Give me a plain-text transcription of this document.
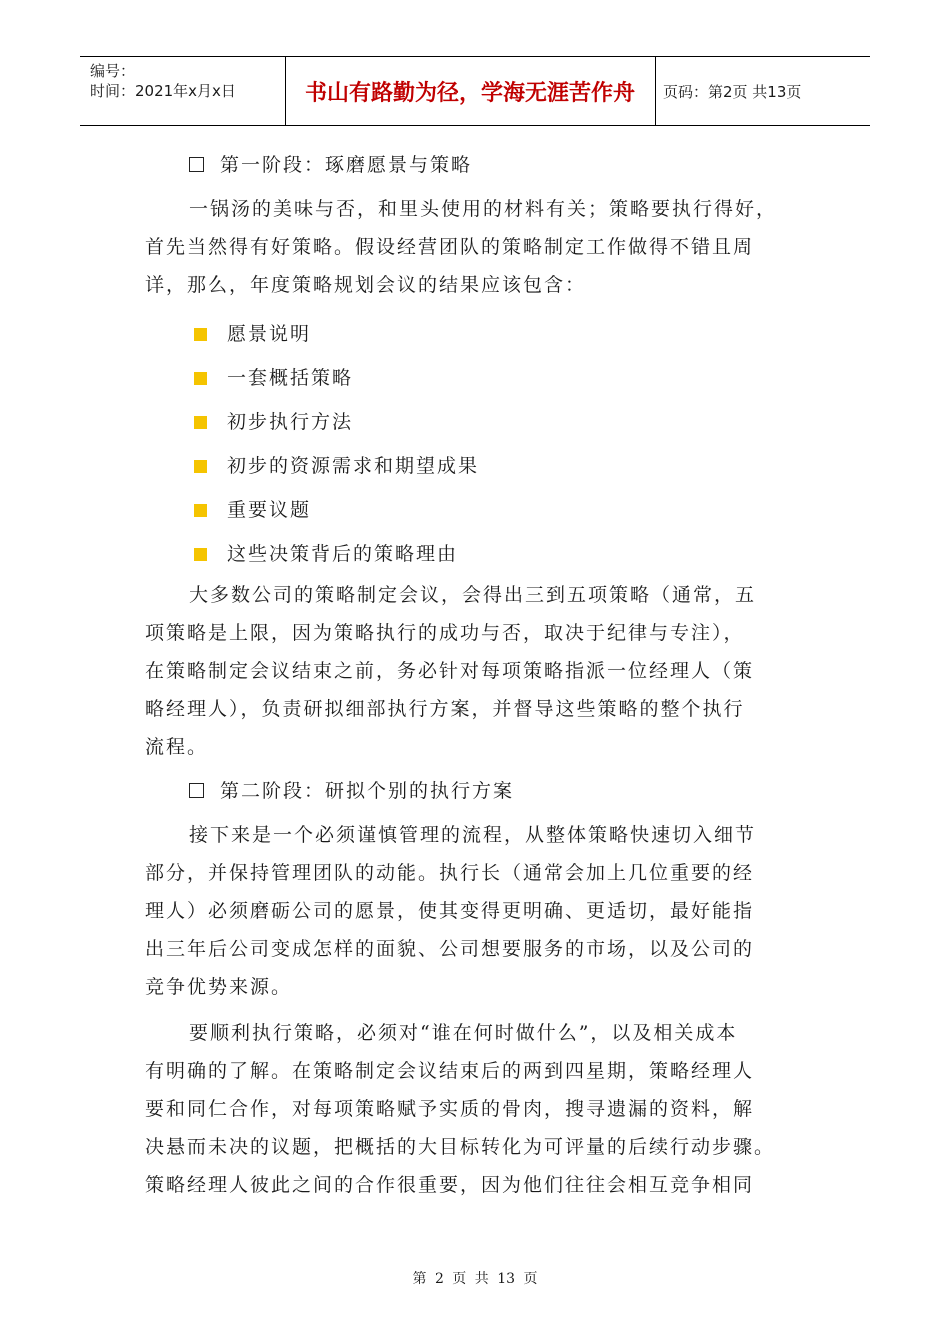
编号：
时间：2021年x月x日	书山有路勤为径，学海无涯苦作舟	页码：第2页 共13页
第一阶段：琢磨愿景与策略
一锅汤的美味与否，和里头使用的材料有关；策略要执行得好，
首先当然得有好策略。假设经营团队的策略制定工作做得不错且周
详，那么，年度策略规划会议的结果应该包含：
愿景说明
一套概括策略
初步执行方法
初步的资源需求和期望成果
重要议题
这些决策背后的策略理由
大多数公司的策略制定会议，会得出三到五项策略（通常，五
项策略是上限，因为策略执行的成功与否，取决于纪律与专注），
在策略制定会议结束之前，务必针对每项策略指派一位经理人（策
略经理人），负责研拟细部执行方案，并督导这些策略的整个执行
流程。
第二阶段：研拟个别的执行方案
接下来是一个必须谨慎管理的流程，从整体策略快速切入细节
部分，并保持管理团队的动能。执行长（通常会加上几位重要的经
理人）必须磨砺公司的愿景，使其变得更明确、更适切，最好能指
出三年后公司变成怎样的面貌、公司想要服务的市场，以及公司的
竞争优势来源。
要顺利执行策略，必须对“谁在何时做什么”，以及相关成本
有明确的了解。在策略制定会议结束后的两到四星期，策略经理人
要和同仁合作，对每项策略赋予实质的骨肉，搜寻遗漏的资料，解
决悬而未决的议题，把概括的大目标转化为可评量的后续行动步骤。
策略经理人彼此之间的合作很重要，因为他们往往会相互竞争相同
第 2 页 共 13 页
